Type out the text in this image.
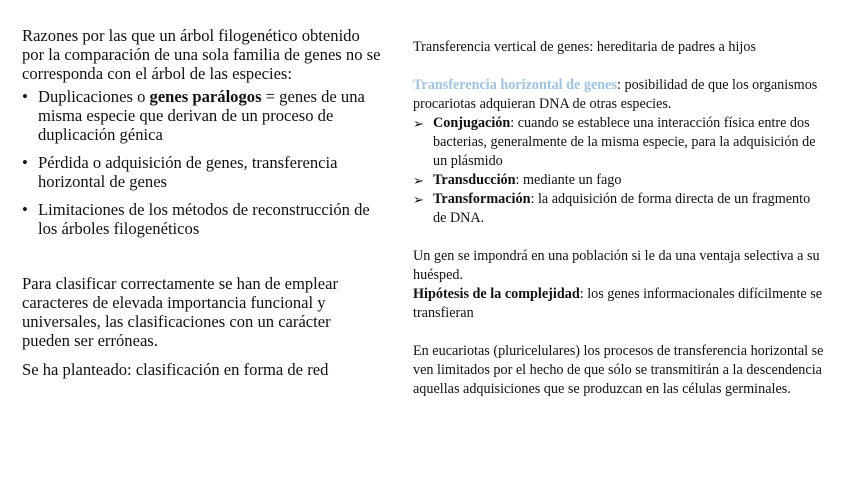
Razones por las que un árbol filogenético obtenido por la comparación de una sola familia de genes no se corresponda con el árbol de las especies:

• Duplicaciones o genes parálogos = genes de una misma especie que derivan de un proceso de duplicación génica
• Pérdida o adquisición de genes, transferencia horizontal de genes
• Limitaciones de los métodos de reconstrucción de los árboles filogenéticos

Para clasificar correctamente se han de emplear caracteres de elevada importancia funcional y universales, las clasificaciones con un carácter pueden ser erróneas.

Se ha planteado: clasificación en forma de red

Transferencia vertical de genes: hereditaria de padres a hijos

Transferencia horizontal de genes: posibilidad de que los organismos procariotas adquieran DNA de otras especies.

➢ Conjugación: cuando se establece una interacción física entre dos bacterias, generalmente de la misma especie, para la adquisición de un plásmido
➢ Transducción: mediante un fago
➢ Transformación: la adquisición de forma directa de un fragmento de DNA.

Un gen se impondrá en una población si le da una ventaja selectiva a su huésped.

Hipótesis de la complejidad: los genes informacionales difícilmente se transfieran

En eucariotas (pluricelulares) los procesos de transferencia horizontal se ven limitados por el hecho de que sólo se transmitirán a la descendencia aquellas adquisiciones que se produzcan en las células germinales.
